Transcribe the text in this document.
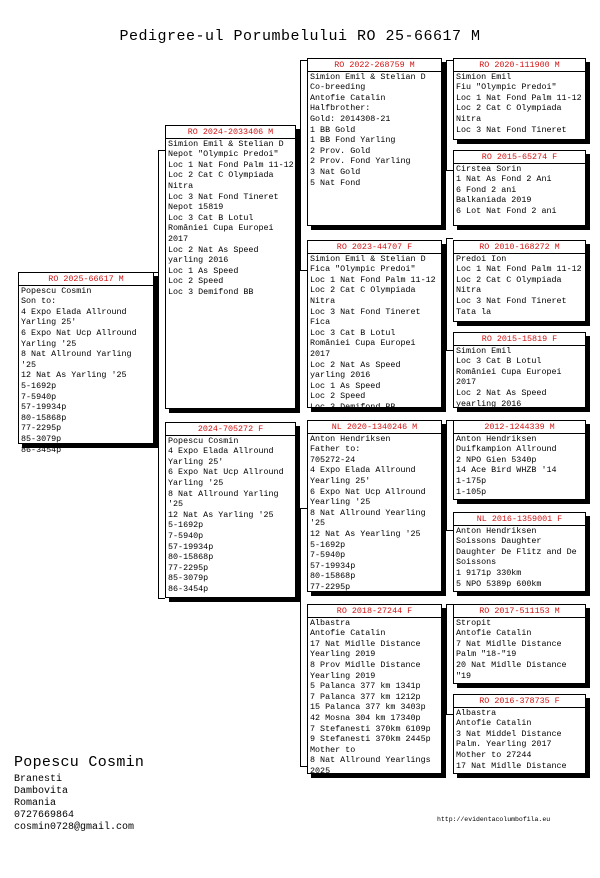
Pedigree-ul Porumbelului RO 25-66617 M
RO 2025-66617 M
Popescu Cosmin
Son to:
4 Expo Elada Allround
Yarling 25'
6 Expo Nat Ucp Allround
Yarling '25
8 Nat Allround Yarling
'25
12 Nat As Yarling '25
5-1692p
7-5940p
57-19934p
80-15868p
77-2295p
85-3079p
86-3454p
RO 2024-2033406 M
Simion Emil & Stelian D
Nepot "Olympic Predoi"
Loc 1 Nat Fond Palm 11-12
Loc 2 Cat C Olympiada
Nitra
Loc 3 Nat Fond Tineret
Nepot 15819
Loc 3 Cat B Lotul
României Cupa Europei
2017
Loc 2 Nat As Speed
yarling 2016
Loc 1 As Speed
Loc 2 Speed
Loc 3 Demifond BB
2024-705272 F
Popescu Cosmin
4 Expo Elada Allround
Yarling 25'
6 Expo Nat Ucp Allround
Yarling '25
8 Nat Allround Yarling
'25
12 Nat As Yarling '25
5-1692p
7-5940p
57-19934p
80-15868p
77-2295p
85-3079p
86-3454p
RO 2022-268759 M
Simion Emil & Stelian D
Co-breeding
Antofie Catalin
Halfbrother:
Gold: 2014308-21
1 BB Gold
1 BB Fond Yarling
2 Prov. Gold
2 Prov. Fond Yarling
3 Nat Gold
5 Nat Fond
RO 2023-44707 F
Simion Emil & Stelian D
Fica "Olympic Predoi"
Loc 1 Nat Fond Palm 11-12
Loc 2 Cat C Olympiada
Nitra
Loc 3 Nat Fond Tineret
Fica
Loc 3 Cat B Lotul
României Cupa Europei
2017
Loc 2 Nat As Speed
yarling 2016
Loc 1 As Speed
Loc 2 Speed
Loc 3 Demifond BB
NL 2020-1340246 M
Anton Hendriksen
Father to:
705272-24
4 Expo Elada Allround
Yearling 25'
6 Expo Nat Ucp Allround
Yearling '25
8 Nat Allround Yearling
'25
12 Nat As Yearling '25
5-1692p
7-5940p
57-19934p
80-15868p
77-2295p
RO 2018-27244 F
Albastra
Antofie Catalin
17 Nat Midlle Distance
Yearling 2019
8 Prov Midlle Distance
Yearling 2019
5 Palanca 377 km 1341p
7 Palanca 377 km 1212p
15 Palanca 377 km 3403p
42 Mosna 304 km 17340p
7 Stefanesti 370km 6109p
9 Stefanesti 370km 2445p
Mother to
8 Nat Allround Yearlings
2025
RO 2020-111900 M
Simion Emil
Fiu "Olympic Predoi"
Loc 1 Nat Fond Palm 11-12
Loc 2 Cat C Olympiada
Nitra
Loc 3 Nat Fond Tineret
RO 2015-65274 F
Cirstea Sorin
1 Nat As Fond 2 Ani
6 Fond 2 ani
Balkaniada 2019
6 Lot Nat Fond 2 ani
RO 2010-168272 M
Predoi Ion
Loc 1 Nat Fond Palm 11-12
Loc 2 Cat C Olympiada
Nitra
Loc 3 Nat Fond Tineret
Tata la
RO 2015-15819 F
Simion Emil
Loc 3 Cat B Lotul
României Cupa Europei
2017
Loc 2 Nat As Speed
yearling 2016
2012-1244339 M
Anton Hendriksen
Duifkampion Allround
2 NPO Gien 5340p
14 Ace Bird WHZB '14
1-175p
1-105p
NL 2016-1359001 F
Anton Hendriksen
Soissons Daughter
Daughter De Flitz and De
Soissons
1 9171p 330km
5 NPO 5389p 600km
RO 2017-511153 M
Stropit
Antofie Catalin
7 Nat Midlle Distance
Palm "18-"19
20 Nat Midlle Distance
"19
RO 2016-378735 F
Albastra
Antofie Catalin
3 Nat Middel Distance
Palm. Yearling 2017
Mother to 27244
17 Nat Midlle Distance
Popescu Cosmin
Branesti
Dambovita
Romania
0727669864
cosmin0728@gmail.com
http://evidentacolumbofila.eu
